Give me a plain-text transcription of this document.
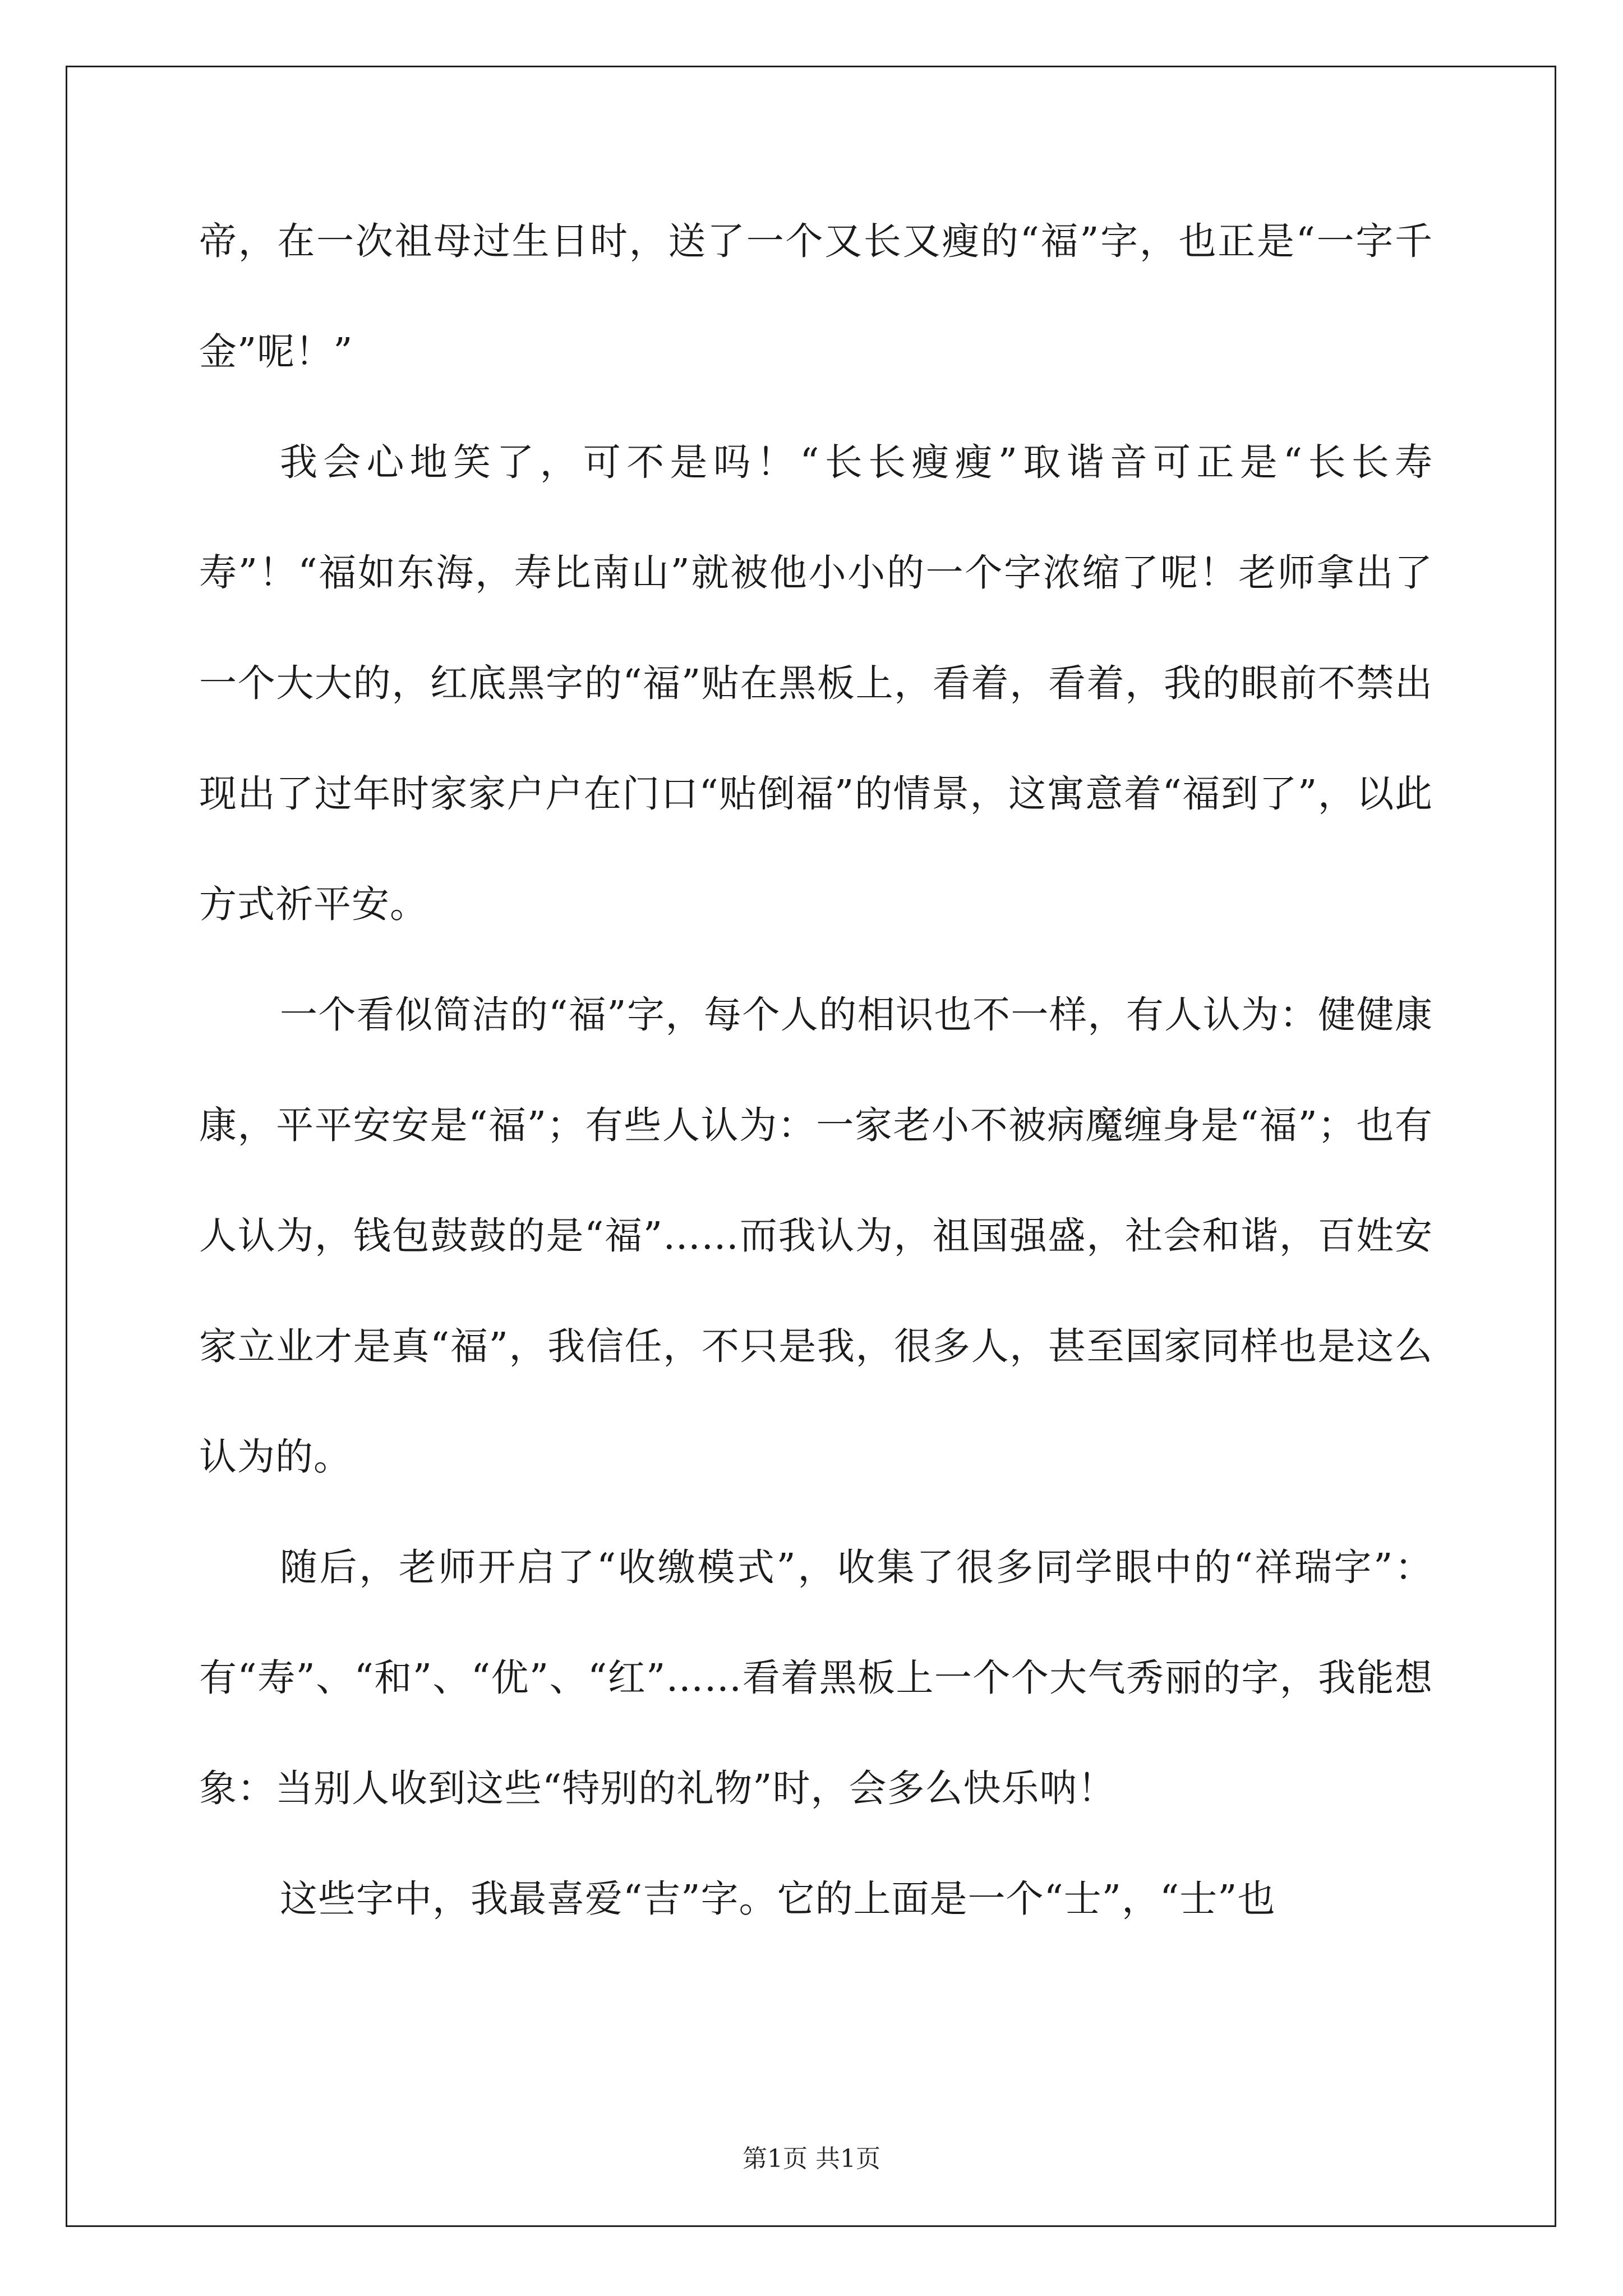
帝，在一次祖母过生日时，送了一个又长又瘦的“福”字，也正是“一字千金”呢！”

我会心地笑了，可不是吗！“长长瘦瘦”取谐音可正是“长长寿寿”！“福如东海，寿比南山”就被他小小的一个字浓缩了呢！老师拿出了一个大大的，红底黑字的“福”贴在黑板上，看着，看着，我的眼前不禁出现出了过年时家家户户在门口“贴倒福”的情景，这寓意着“福到了”，以此方式祈平安。

一个看似简洁的“福”字，每个人的相识也不一样，有人认为：健健康康，平平安安是“福”；有些人认为：一家老小不被病魔缠身是“福”；也有人认为，钱包鼓鼓的是“福”……而我认为，祖国强盛，社会和谐，百姓安家立业才是真“福”，我信任，不只是我，很多人，甚至国家同样也是这么认为的。

随后，老师开启了“收缴模式”，收集了很多同学眼中的“祥瑞字”：有“寿”、“和”、“优”、“红”……看着黑板上一个个大气秀丽的字，我能想象：当别人收到这些“特别的礼物”时，会多么快乐呐！

这些字中，我最喜爱“吉”字。它的上面是一个“士”，“士”也

第1页 共1页
